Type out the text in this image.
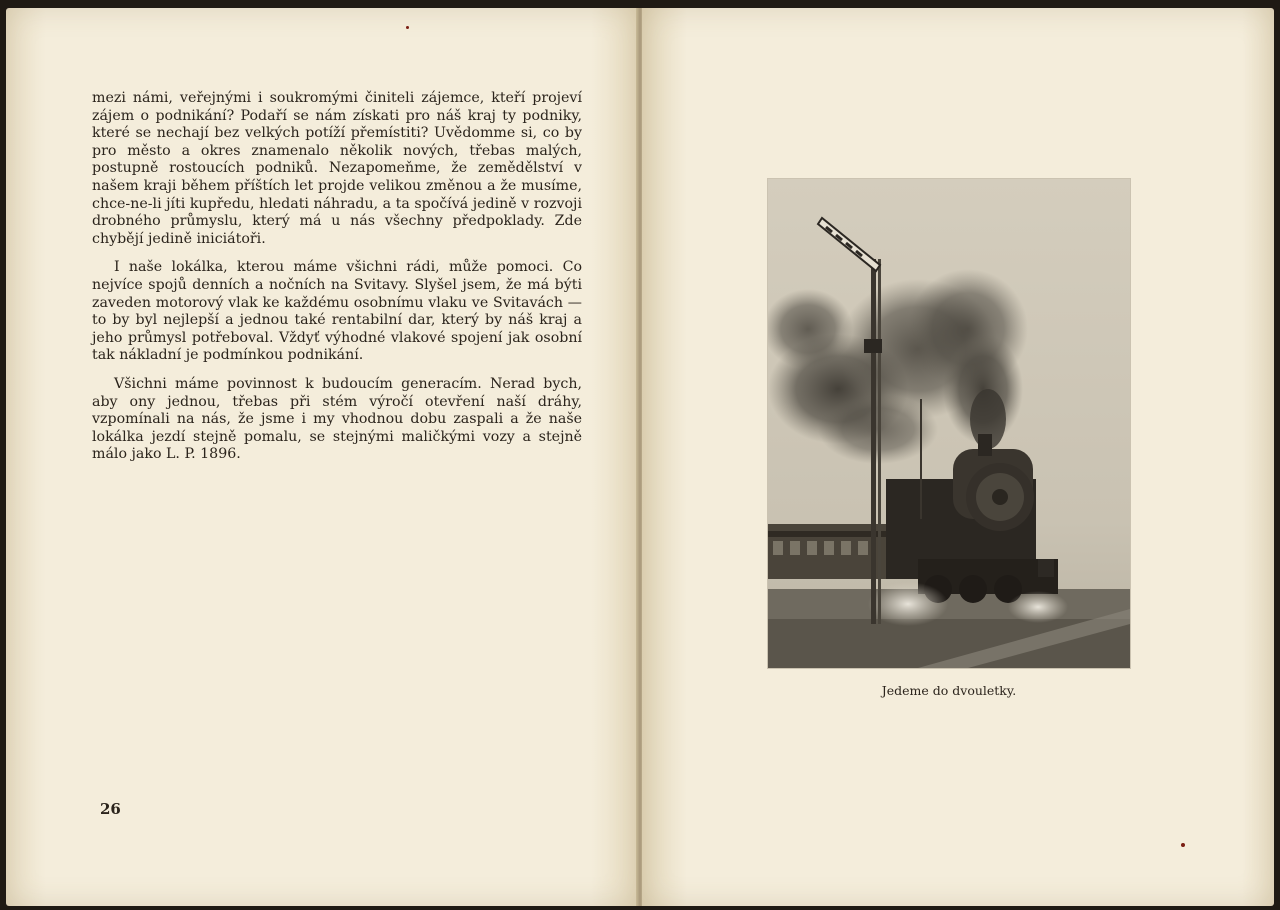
mezi námi, veřejnými i soukromými činiteli zájemce, kteří projeví zájem o podnikání? Podaří se nám získati pro náš kraj ty podniky, které se nechají bez velkých potíží přemístiti? Uvědomme si, co by pro město a okres znamenalo několik nových, třebas malých, postupně rostoucích podniků. Nezapomeňme, že zemědělství v našem kraji během příštích let projde velikou změnou a že musíme, chce-ne-li jíti kupředu, hledati náhradu, a ta spočívá jedině v rozvoji drobného průmyslu, který má u nás všechny předpoklady. Zde chybějí jedině iniciátoři.

I naše lokálka, kterou máme všichni rádi, může pomoci. Co nejvíce spojů denních a nočních na Svitavy. Slyšel jsem, že má býti zaveden motorový vlak ke každému osobnímu vlaku ve Svitavách — to by byl nejlepší a jednou také rentabilní dar, který by náš kraj a jeho průmysl potřeboval. Vždyť výhodné vlakové spojení jak osobní tak nákladní je podmínkou podnikání.

Všichni máme povinnost k budoucím generacím. Nerad bych, aby ony jednou, třebas při stém výročí otevření naší dráhy, vzpomínali na nás, že jsme i my vhodnou dobu zaspali a že naše lokálka jezdí stejně pomalu, se stejnými maličkými vozy a stejně málo jako L. P. 1896.

26
Jedeme do dvouletky.
